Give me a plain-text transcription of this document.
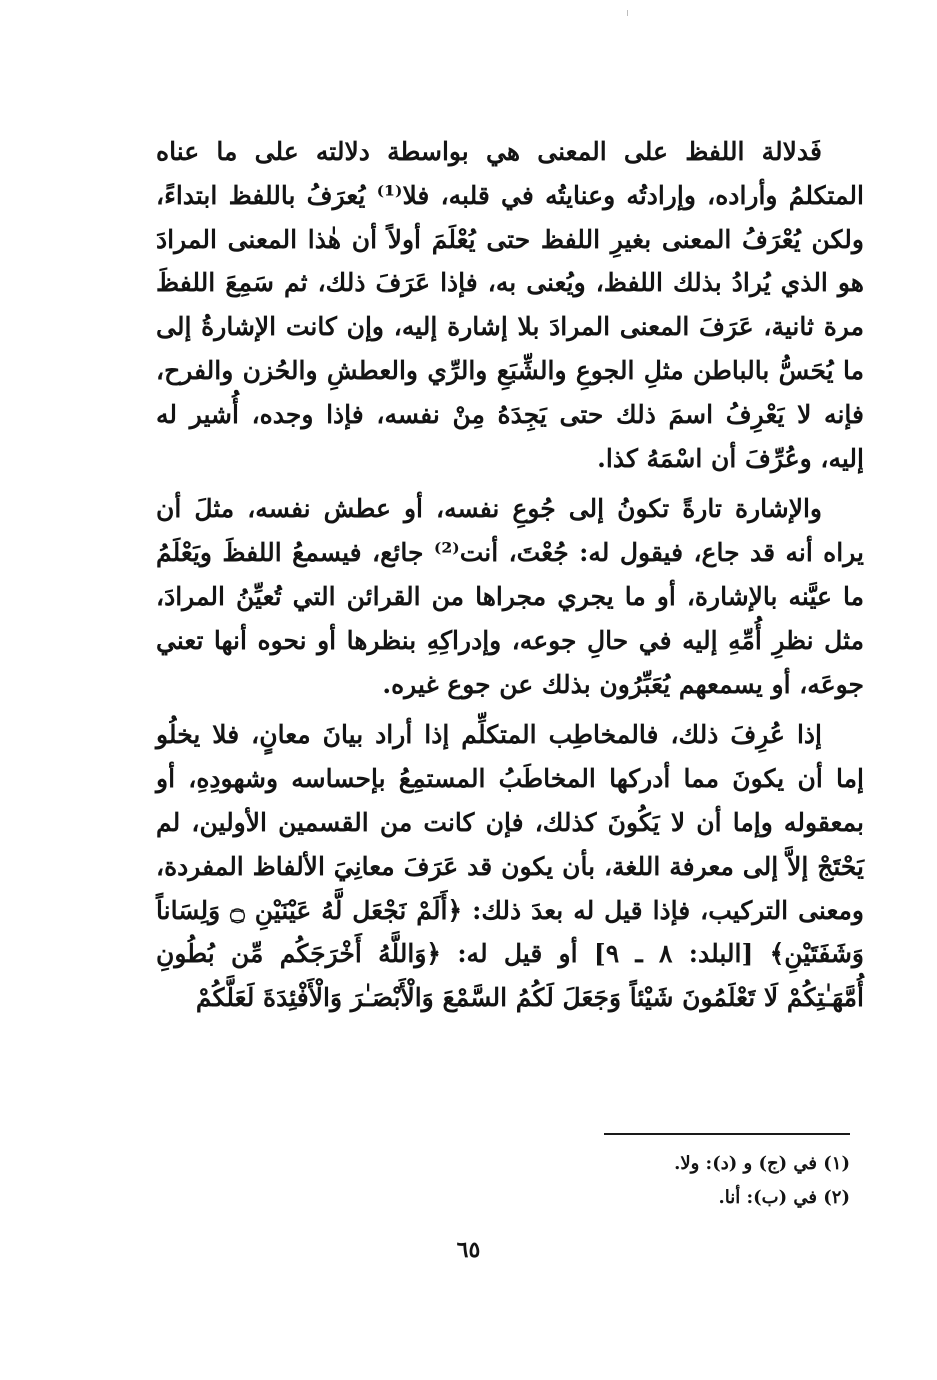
فَدلالة اللفظ على المعنى هي بواسطة دلالته على ما عناه المتكلمُ وأراده، وإرادتُه وعنايتُه في قلبه، فلا⁽¹⁾ يُعرَفُ باللفظ ابتداءً، ولكن يُعْرَفُ المعنى بغيرِ اللفظ حتى يُعْلَمَ أولاً أن هٰذا المعنى المرادَ هو الذي يُرادُ بذلك اللفظ، ويُعنى به، فإذا عَرَفَ ذلك، ثم سَمِعَ اللفظَ مرة ثانية، عَرَفَ المعنى المرادَ بلا إشارة إليه، وإن كانت الإشارةُ إلى ما يُحَسُّ بالباطن مثلِ الجوعِ والشِّبَعِ والرِّي والعطشِ والحُزن والفرح، فإنه لا يَعْرِفُ اسمَ ذلك حتى يَجِدَهُ مِنْ نفسه، فإذا وجده، أُشير له إليه، وعُرِّفَ أن اسْمَهُ كذا.

والإشارة تارةً تكونُ إلى جُوعِ نفسه، أو عطش نفسه، مثلَ أن يراه أنه قد جاع، فيقول له: جُعْتَ، أنت⁽²⁾ جائع، فيسمعُ اللفظَ ويَعْلَمُ ما عيَّنه بالإشارة، أو ما يجري مجراها من القرائن التي تُعيِّنُ المرادَ، مثل نظرِ أُمِّهِ إليه في حالِ جوعه، وإدراكِهِ بنظرها أو نحوه أنها تعني جوعَه، أو يسمعهم يُعَبِّرُون بذلك عن جوع غيره.

إذا عُرِفَ ذلك، فالمخاطِب المتكلِّم إذا أراد بيانَ معانٍ، فلا يخلُو إما أن يكونَ مما أدركها المخاطَبُ المستمِعُ بإحساسه وشهودِهِ، أو بمعقوله وإما أن لا يَكُونَ كذلك، فإن كانت من القسمين الأولين، لم يَحْتَجْ إلاَّ إلى معرفة اللغة، بأن يكون قد عَرَفَ معانِيَ الألفاظ المفردة، ومعنى التركيب، فإذا قيل له بعدَ ذلك: ﴿أَلَمْ نَجْعَل لَّهُ عَيْنَيْنِ ۝ وَلِسَاناً وَشَفَتَيْنِ﴾ [البلد: ٨ ـ ٩] أو قيل له: ﴿وَاللَّهُ أَخْرَجَكُم مِّن بُطُونِ أُمَّهَـٰتِكُمْ لَا تَعْلَمُونَ شَيْئاً وَجَعَلَ لَكُمُ السَّمْعَ وَالْأَبْصَـٰرَ وَالْأَفْئِدَةَ لَعَلَّكُمْ

(١) في (ج) و (د): ولا.

(٢) في (ب): أنا.

٦٥
